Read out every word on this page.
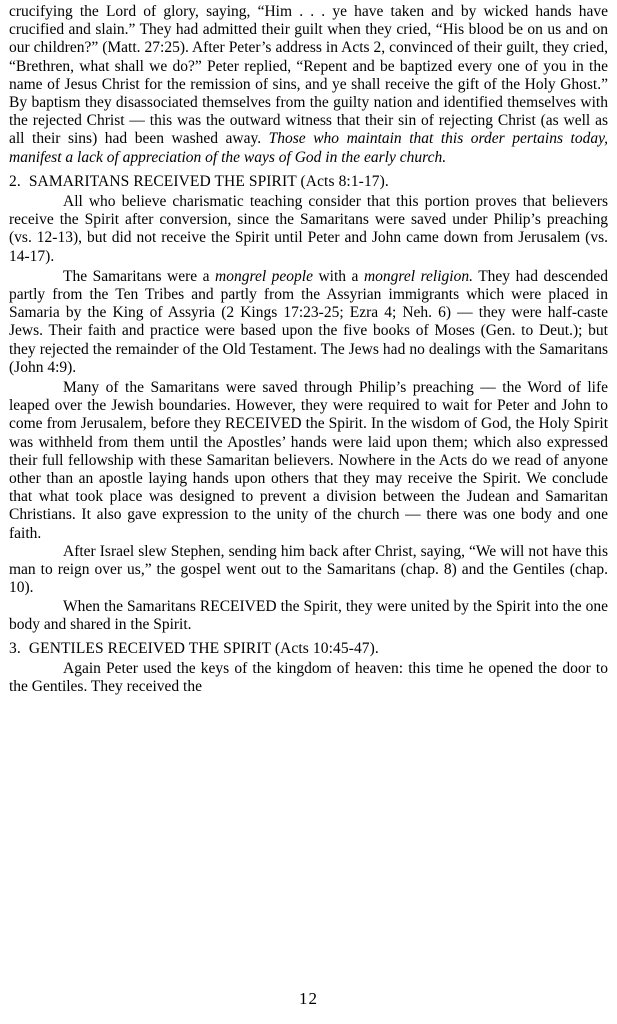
crucifying the Lord of glory, saying, “Him . . . ye have taken and by wicked hands have crucified and slain.” They had admitted their guilt when they cried, “His blood be on us and on our children?” (Matt. 27:25). After Peter’s address in Acts 2, convinced of their guilt, they cried, “Brethren, what shall we do?” Peter replied, “Repent and be baptized every one of you in the name of Jesus Christ for the remission of sins, and ye shall receive the gift of the Holy Ghost.” By baptism they disassociated themselves from the guilty nation and identified themselves with the rejected Christ — this was the outward witness that their sin of rejecting Christ (as well as all their sins) had been washed away. Those who maintain that this order pertains today, manifest a lack of appreciation of the ways of God in the early church.

2. SAMARITANS RECEIVED THE SPIRIT (Acts 8:1-17).

All who believe charismatic teaching consider that this portion proves that believers receive the Spirit after conversion, since the Samaritans were saved under Philip’s preaching (vs. 12-13), but did not receive the Spirit until Peter and John came down from Jerusalem (vs. 14-17).

The Samaritans were a mongrel people with a mongrel religion. They had descended partly from the Ten Tribes and partly from the Assyrian immigrants which were placed in Samaria by the King of Assyria (2 Kings 17:23-25; Ezra 4; Neh. 6) — they were half-caste Jews. Their faith and practice were based upon the five books of Moses (Gen. to Deut.); but they rejected the remainder of the Old Testament. The Jews had no dealings with the Samaritans (John 4:9).

Many of the Samaritans were saved through Philip’s preaching — the Word of life leaped over the Jewish boundaries. However, they were required to wait for Peter and John to come from Jerusalem, before they RECEIVED the Spirit. In the wisdom of God, the Holy Spirit was withheld from them until the Apostles’ hands were laid upon them; which also expressed their full fellowship with these Samaritan believers. Nowhere in the Acts do we read of anyone other than an apostle laying hands upon others that they may receive the Spirit. We conclude that what took place was designed to prevent a division between the Judean and Samaritan Christians. It also gave expression to the unity of the church — there was one body and one faith.

After Israel slew Stephen, sending him back after Christ, saying, “We will not have this man to reign over us,” the gospel went out to the Samaritans (chap. 8) and the Gentiles (chap. 10).

When the Samaritans RECEIVED the Spirit, they were united by the Spirit into the one body and shared in the Spirit.

3. GENTILES RECEIVED THE SPIRIT (Acts 10:45-47).

Again Peter used the keys of the kingdom of heaven: this time he opened the door to the Gentiles. They received the

12
